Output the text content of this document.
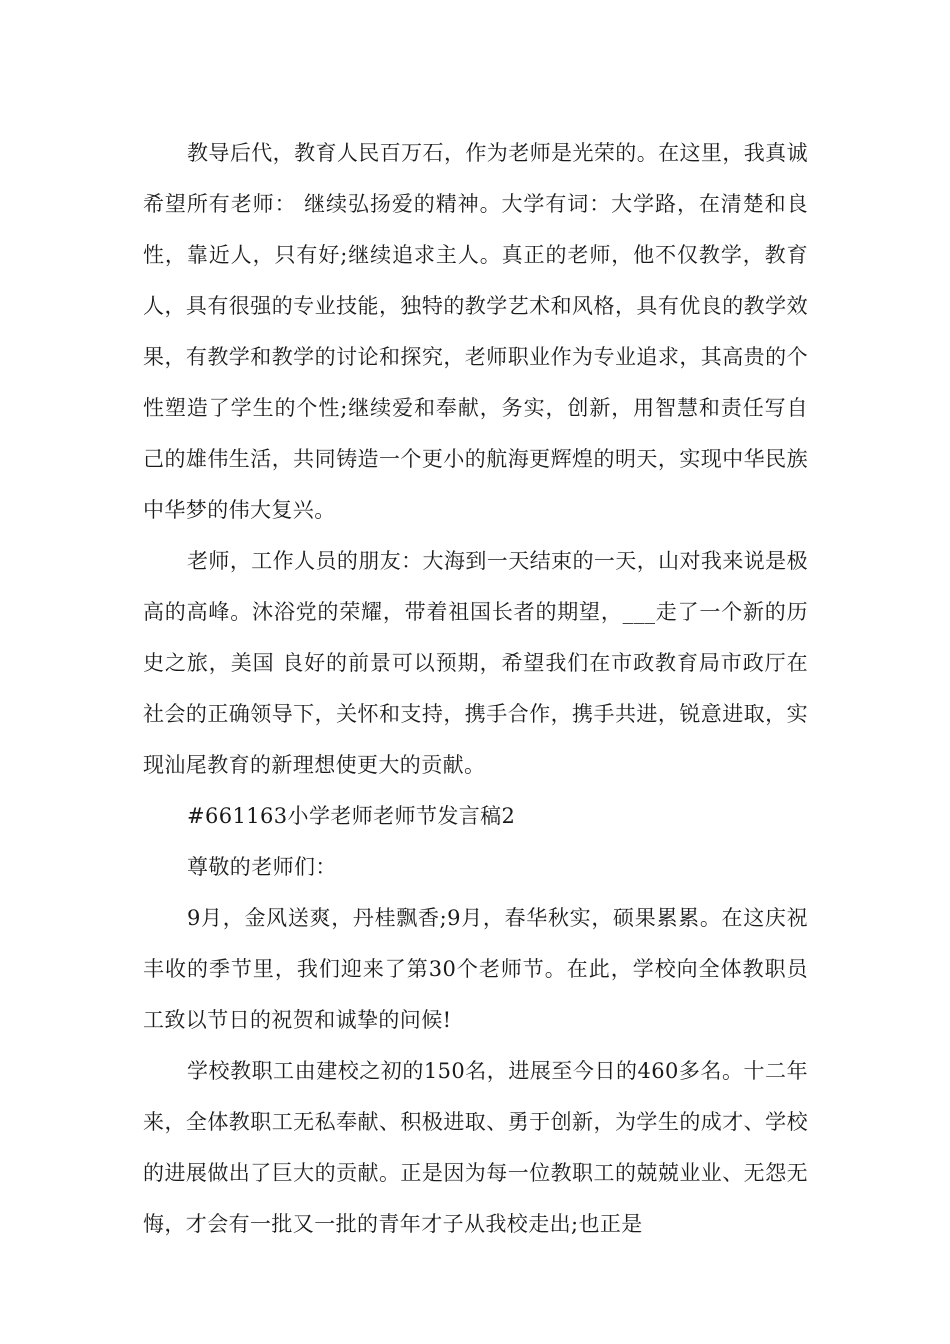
教导后代，教育人民百万石，作为老师是光荣的。在这里，我真诚希望所有老师： 继续弘扬爱的精神。大学有词：大学路，在清楚和良性，靠近人，只有好;继续追求主人。真正的老师，他不仅教学，教育人，具有很强的专业技能，独特的教学艺术和风格，具有优良的教学效果，有教学和教学的讨论和探究，老师职业作为专业追求，其高贵的个性塑造了学生的个性;继续爱和奉献，务实，创新，用智慧和责任写自己的雄伟生活，共同铸造一个更小的航海更辉煌的明天，实现中华民族中华梦的伟大复兴。

老师，工作人员的朋友：大海到一天结束的一天，山对我来说是极高的高峰。沐浴党的荣耀，带着祖国长者的期望，___走了一个新的历史之旅，美国 良好的前景可以预期，希望我们在市政教育局市政厅在社会的正确领导下，关怀和支持，携手合作，携手共进，锐意进取，实现汕尾教育的新理想使更大的贡献。

#661163小学老师老师节发言稿2

尊敬的老师们：

9月，金风送爽，丹桂飘香;9月，春华秋实，硕果累累。在这庆祝丰收的季节里，我们迎来了第30个老师节。在此，学校向全体教职员工致以节日的祝贺和诚挚的问候!

学校教职工由建校之初的150名，进展至今日的460多名。十二年来，全体教职工无私奉献、积极进取、勇于创新，为学生的成才、学校的进展做出了巨大的贡献。正是因为每一位教职工的兢兢业业、无怨无悔，才会有一批又一批的青年才子从我校走出;也正是
